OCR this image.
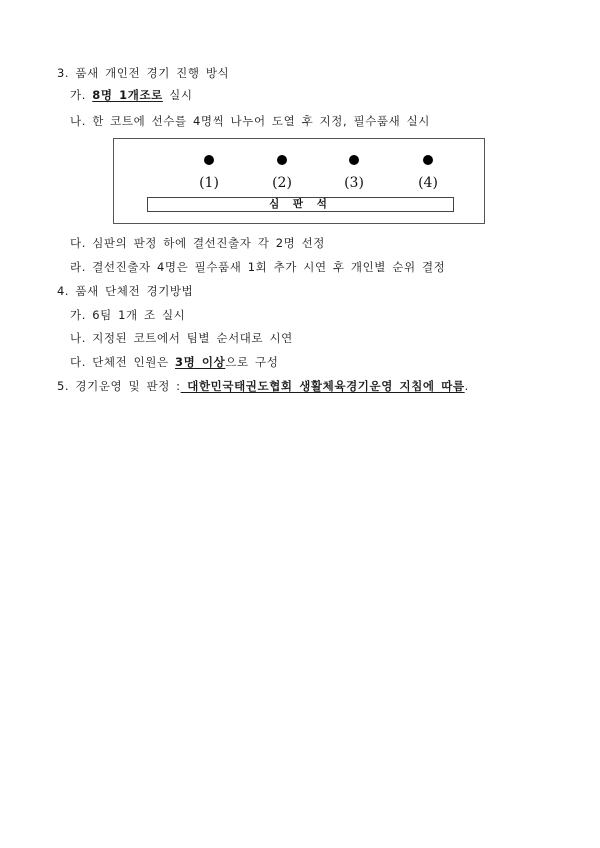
3. 품새 개인전 경기 진행 방식
가. 8명 1개조로 실시
나. 한 코트에 선수를 4명씩 나누어 도열 후 지정, 필수품새 실시
(1)	(2)	(3)	(4)
심 판 석
다. 심판의 판정 하에 결선진출자 각 2명 선정
라. 결선진출자 4명은 필수품새 1회 추가 시연 후 개인별 순위 결정
4. 품새 단체전 경기방법
가. 6팀 1개 조 실시
나. 지정된 코트에서 팀별 순서대로 시연
다. 단체전 인원은 3명 이상으로 구성
5. 경기운영 및 판정 : 대한민국태권도협회 생활체육경기운영 지침에 따름.
